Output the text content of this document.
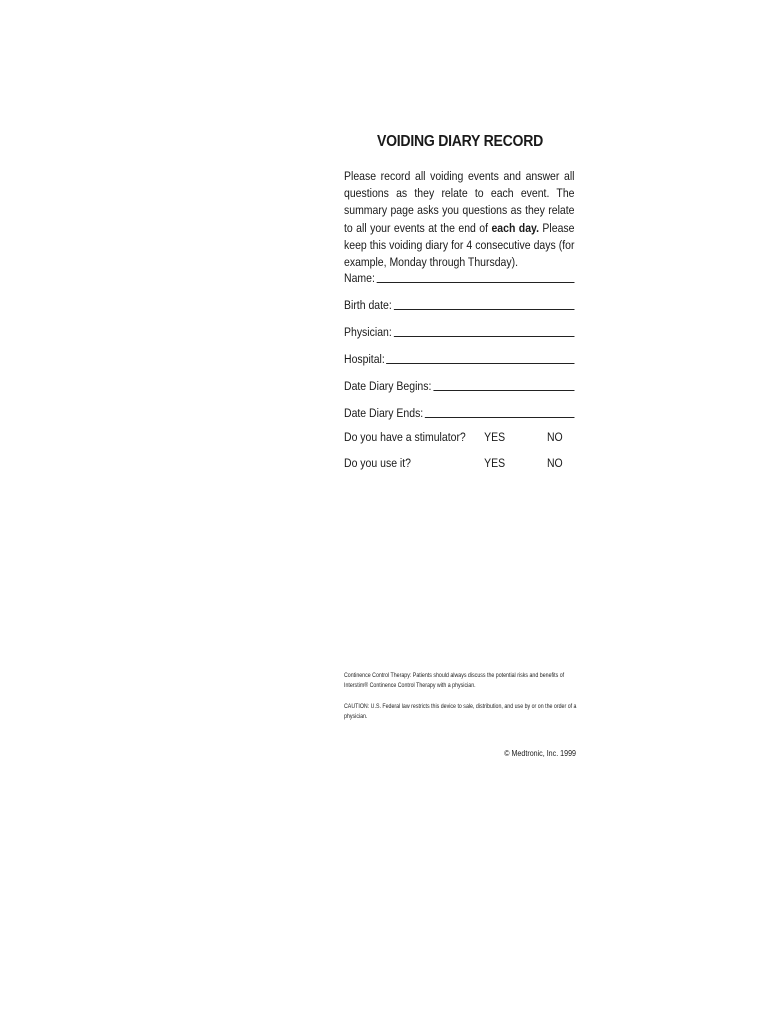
VOIDING DIARY RECORD
Please record all voiding events and answer all questions as they relate to each event. The summary page asks you questions as they relate to all your events at the end of each day. Please keep this voiding diary for 4 consecutive days (for example, Monday through Thursday).
Name:
Birth date:
Physician:
Hospital:
Date Diary Begins:
Date Diary Ends:
Do you have a stimulator? YES	NO
Do you use it?	YES	NO
Continence Control Therapy: Patients should always discuss the potential risks and benefits of
Interstim® Continence Control Therapy with a physician.
CAUTION: U.S. Federal law restricts this device to sale, distribution, and use by or on the order of a physician.
© Medtronic, Inc. 1999
